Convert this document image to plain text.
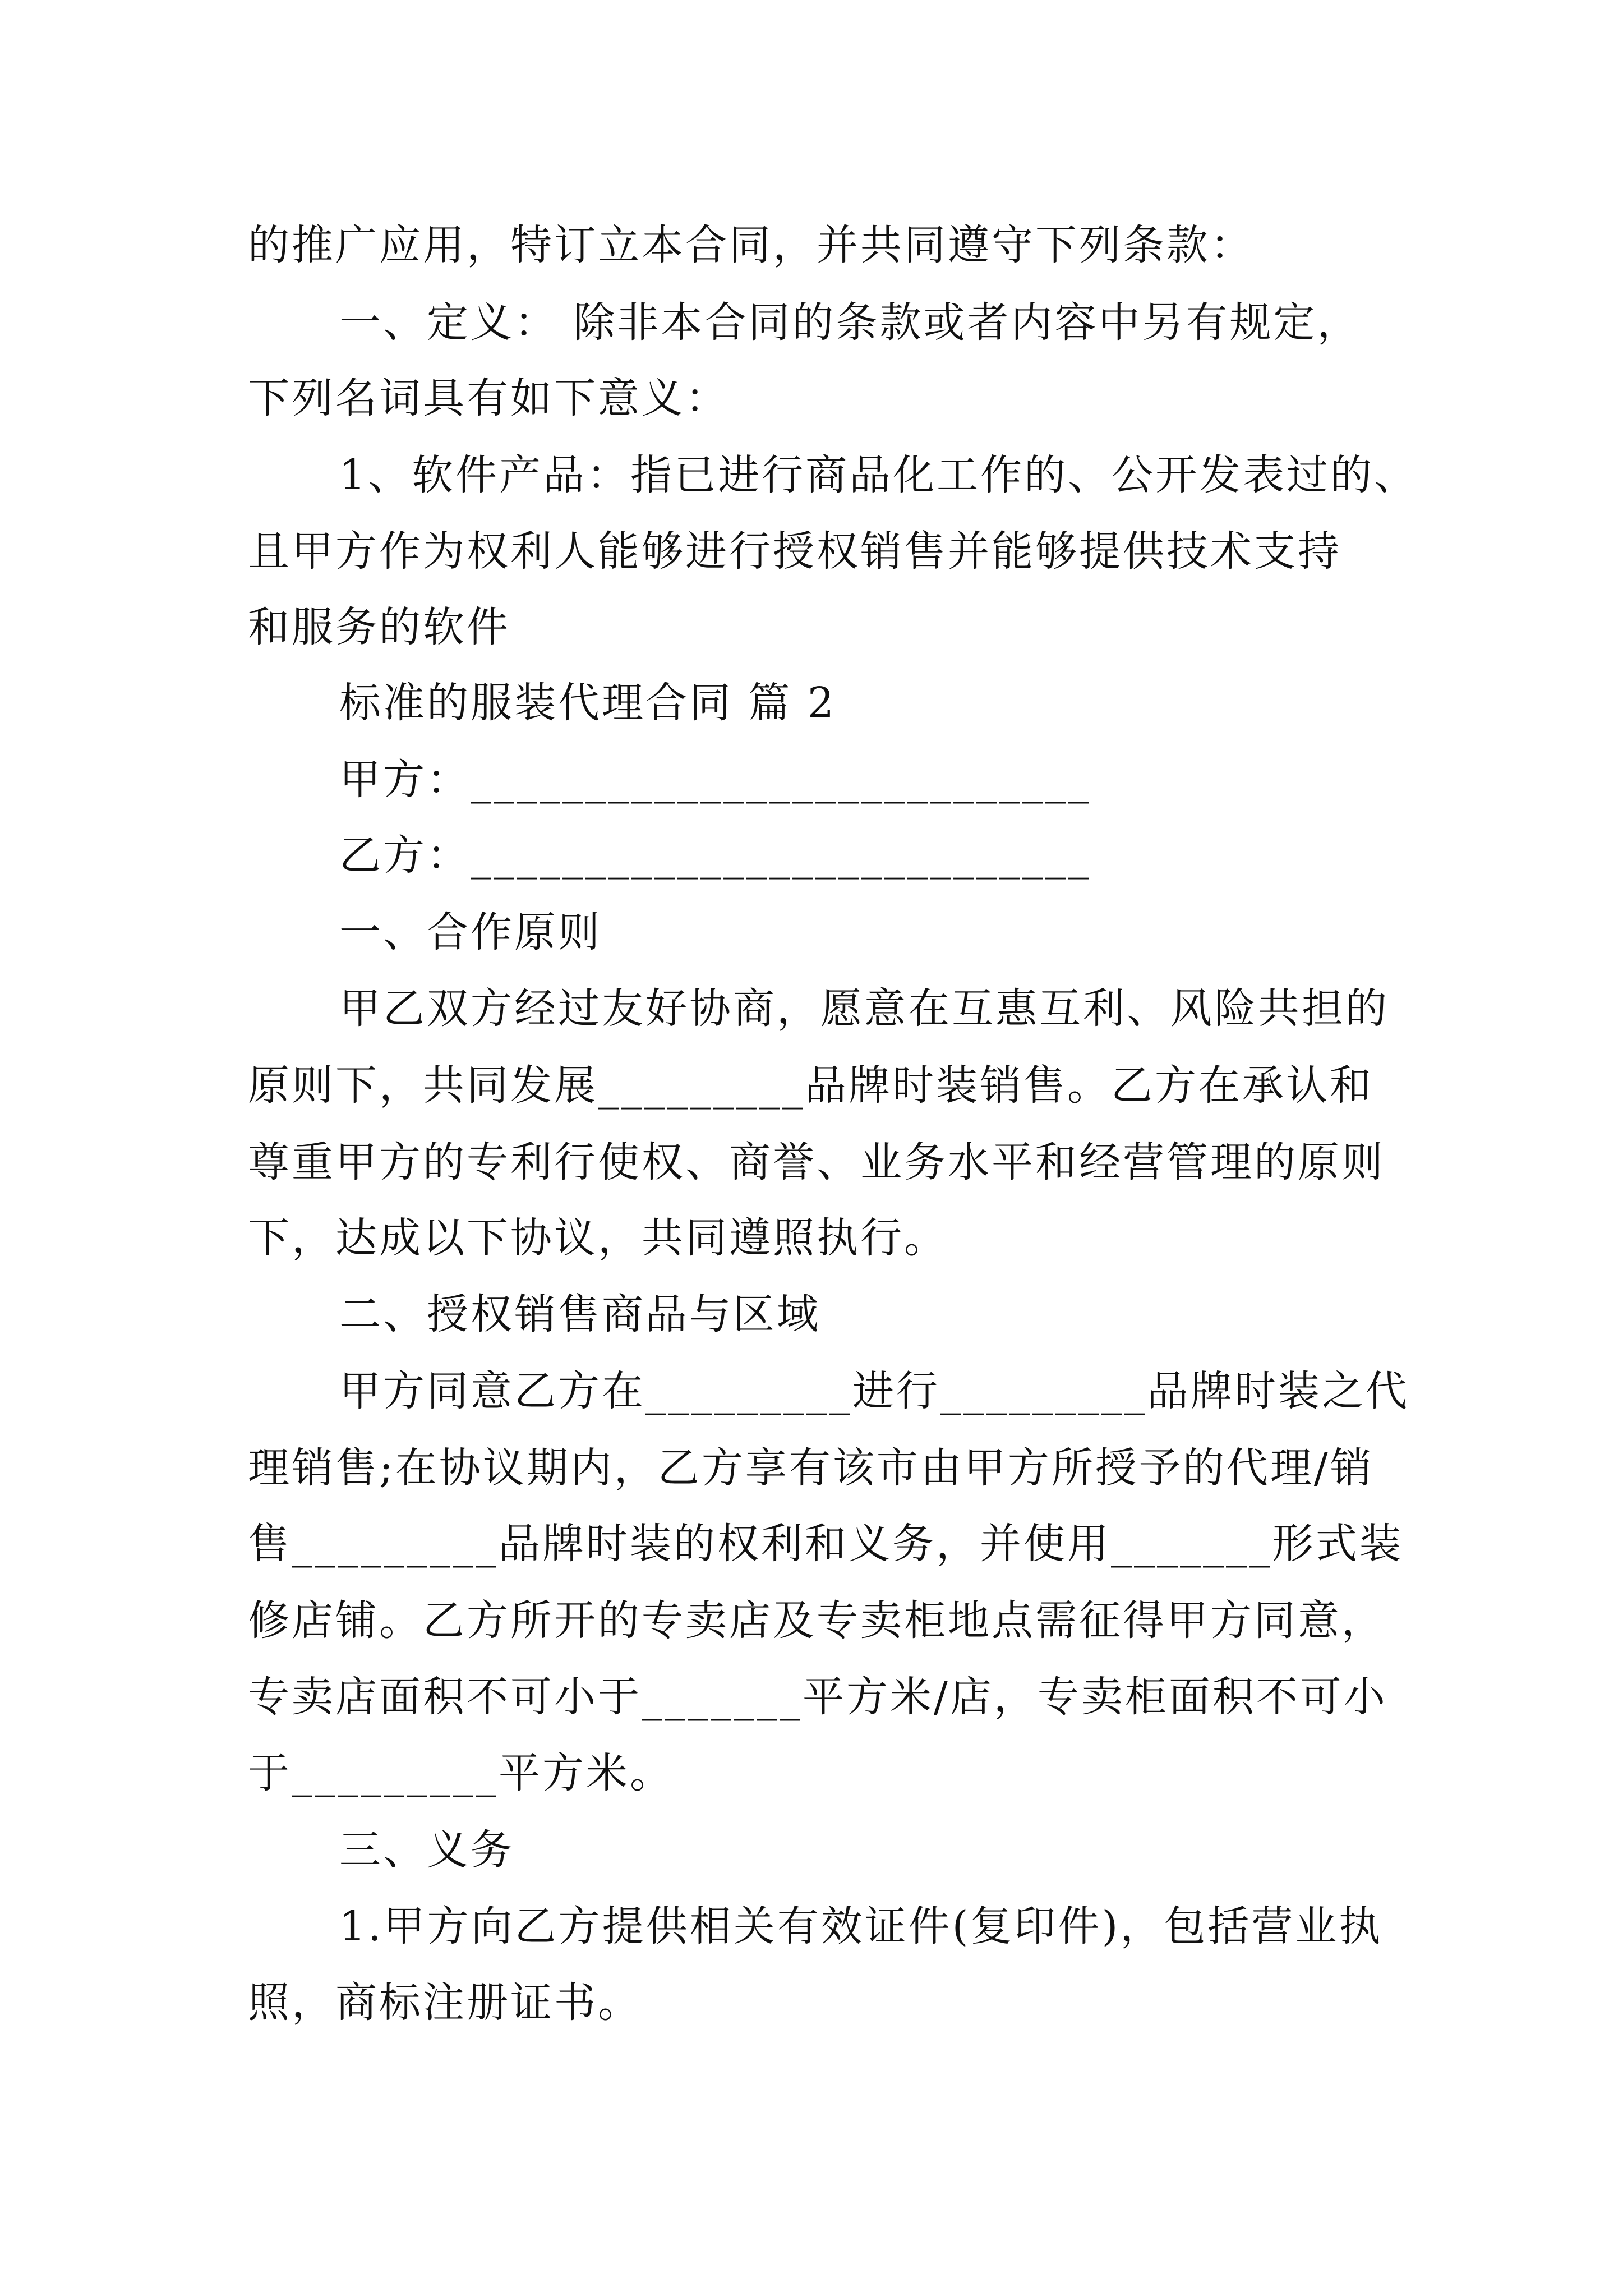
的推广应用，特订立本合同，并共同遵守下列条款：
一、定义： 除非本合同的条款或者内容中另有规定，
下列名词具有如下意义：
1、软件产品：指已进行商品化工作的、公开发表过的、
且甲方作为权利人能够进行授权销售并能够提供技术支持
和服务的软件
标准的服装代理合同 篇 2
甲方：___________________________
乙方：___________________________
一、合作原则
甲乙双方经过友好协商，愿意在互惠互利、风险共担的
原则下，共同发展_________品牌时装销售。乙方在承认和
尊重甲方的专利行使权、商誉、业务水平和经营管理的原则
下，达成以下协议，共同遵照执行。
二、授权销售商品与区域
甲方同意乙方在_________进行_________品牌时装之代
理销售;在协议期内，乙方享有该市由甲方所授予的代理/销
售_________品牌时装的权利和义务，并使用_______形式装
修店铺。乙方所开的专卖店及专卖柜地点需征得甲方同意，
专卖店面积不可小于_______平方米/店，专卖柜面积不可小
于_________平方米。
三、义务
1.甲方向乙方提供相关有效证件(复印件)，包括营业执
照，商标注册证书。
